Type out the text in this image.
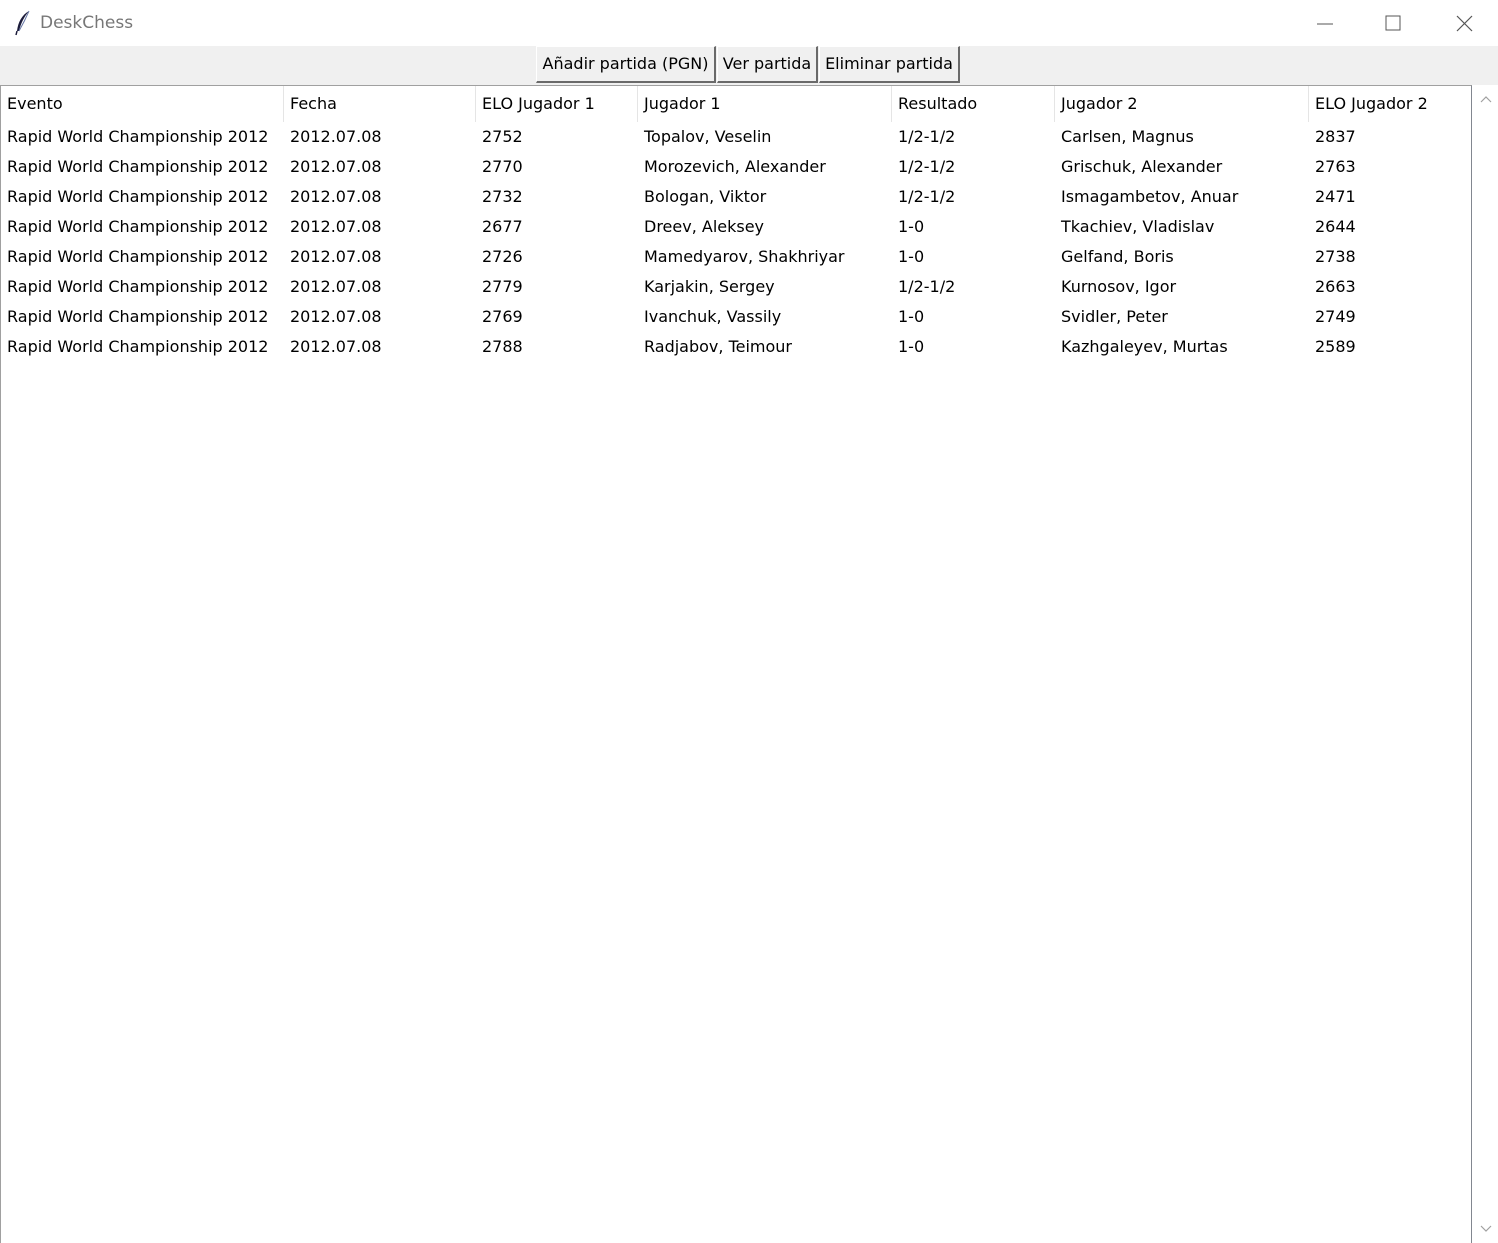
DeskChess
Añadir partida (PGN) Ver partida Eliminar partida
Evento	Fecha	ELO Jugador 1	Jugador 1	Resultado	Jugador 2	ELO Jugador 2
Rapid World Championship 2012	2012.07.08	2752	Topalov, Veselin	1/2-1/2	Carlsen, Magnus	2837
Rapid World Championship 2012	2012.07.08	2770	Morozevich, Alexander	1/2-1/2	Grischuk, Alexander	2763
Rapid World Championship 2012	2012.07.08	2732	Bologan, Viktor	1/2-1/2	Ismagambetov, Anuar	2471
Rapid World Championship 2012	2012.07.08	2677	Dreev, Aleksey	1-0	Tkachiev, Vladislav	2644
Rapid World Championship 2012	2012.07.08	2726	Mamedyarov, Shakhriyar	1-0	Gelfand, Boris	2738
Rapid World Championship 2012	2012.07.08	2779	Karjakin, Sergey	1/2-1/2	Kurnosov, Igor	2663
Rapid World Championship 2012	2012.07.08	2769	Ivanchuk, Vassily	1-0	Svidler, Peter	2749
Rapid World Championship 2012	2012.07.08	2788	Radjabov, Teimour	1-0	Kazhgaleyev, Murtas	2589
